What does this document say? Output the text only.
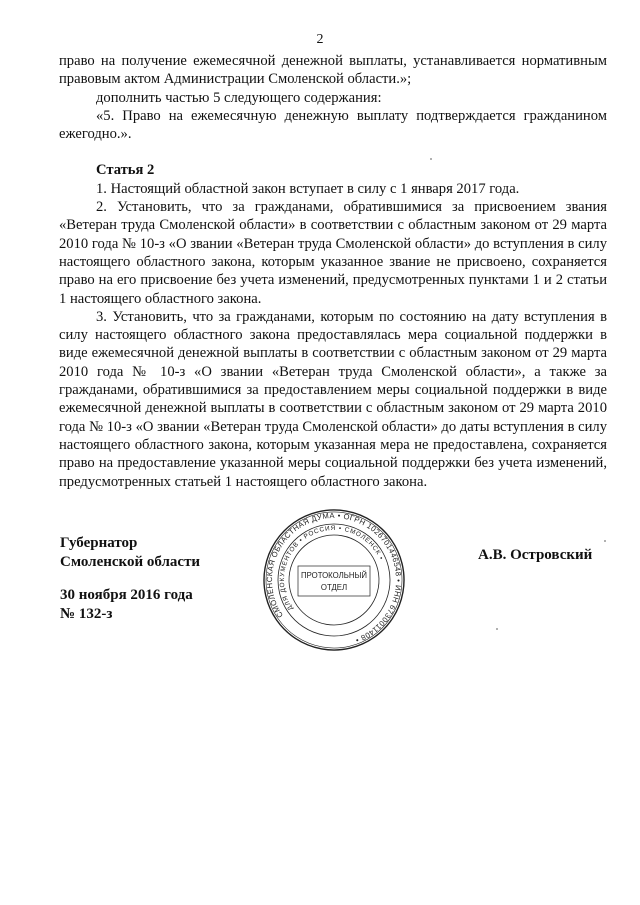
2

право на получение ежемесячной денежной выплаты, устанавливается нормативным правовым актом Администрации Смоленской области.»;

дополнить частью 5 следующего содержания:

«5. Право на ежемесячную денежную выплату подтверждается гражданином ежегодно.».

Статья 2

1. Настоящий областной закон вступает в силу с 1 января 2017 года.

2. Установить, что за гражданами, обратившимися за присвоением звания «Ветеран труда Смоленской области» в соответствии с областным законом от 29 марта 2010 года № 10-з «О звании «Ветеран труда Смоленской области» до вступления в силу настоящего областного закона, которым указанное звание не присвоено, сохраняется право на его присвоение без учета изменений, предусмотренных пунктами 1 и 2 статьи 1 настоящего областного закона.

3. Установить, что за гражданами, которым по состоянию на дату вступления в силу настоящего областного закона предоставлялась мера социальной поддержки в виде ежемесячной денежной выплаты в соответствии с областным законом от 29 марта 2010 года № 10-з «О звании «Ветеран труда Смоленской области», а также за гражданами, обратившимися за предоставлением меры социальной поддержки в виде ежемесячной денежной выплаты в соответствии с областным законом от 29 марта 2010 года № 10-з «О звании «Ветеран труда Смоленской области» до даты вступления в силу настоящего областного закона, которым указанная мера не предоставлена, сохраняется право на предоставление указанной меры социальной поддержки без учета изменений, предусмотренных статьей 1 настоящего областного закона.

Губернатор
Смоленской области
30 ноября 2016 года
№ 132-з
А.В. Островский
СМОЛЕНСКАЯ ОБЛАСТНАЯ ДУМА • ОГРН 1026701446548 • ИНН 6730011408 •
ДЛЯ ДОКУМЕНТОВ • РОССИЯ • СМОЛЕНСК •
ПРОТОКОЛЬНЫЙ
ОТДЕЛ
